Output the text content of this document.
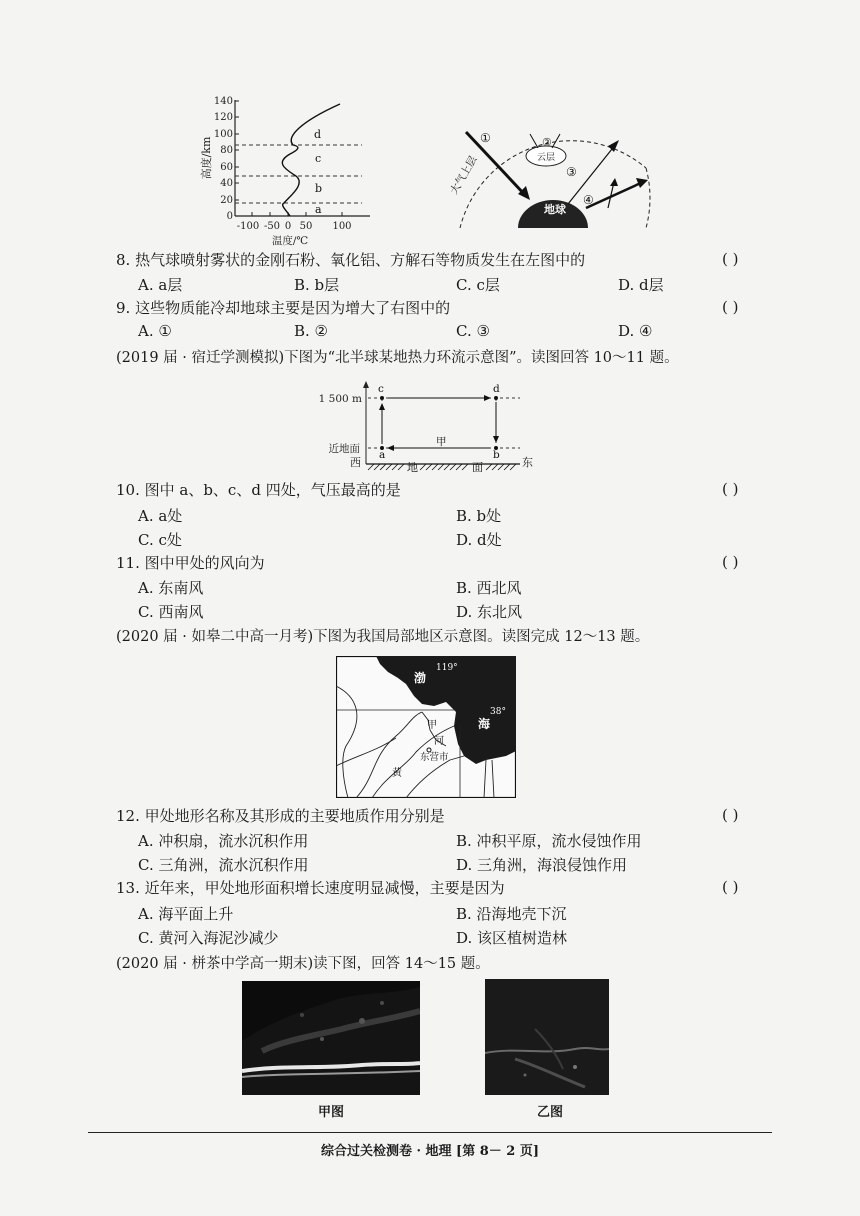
140
120
100
80
60
40
20
0
-100 -50 0 50 100
温度/℃
高度/km
a
b
c
d
大气上层
地球
云层
①	②
③
④
8. 热气球喷射雾状的金刚石粉、氧化铝、方解石等物质发生在左图中的	( )
A. a层	B. b层	C. c层	D. d层
9. 这些物质能冷却地球主要是因为增大了右图中的	( )
A. ①	B. ②	C. ③	D. ④
(2019 届 · 宿迁学测模拟)下图为“北半球某地热力环流示意图”。读图回答 10～11 题。
1 500 m
近地面
西	东
a	b
c	d
甲
地	面
10. 图中 a、b、c、d 四处，气压最高的是	( )
A. a处	B. b处
C. c处	D. d处
11. 图中甲处的风向为	( )
A. 东南风	B. 西北风
C. 西南风	D. 东北风
(2020 届 · 如皋二中高一月考)下图为我国局部地区示意图。读图完成 12～13 题。
渤
海
119°
38°
甲
河
东营市
黄
12. 甲处地形名称及其形成的主要地质作用分别是	( )
A. 冲积扇，流水沉积作用	B. 冲积平原，流水侵蚀作用
C. 三角洲，流水沉积作用	D. 三角洲，海浪侵蚀作用
13. 近年来，甲处地形面积增长速度明显减慢，主要是因为	( )
A. 海平面上升	B. 沿海地壳下沉
C. 黄河入海泥沙减少	D. 该区植树造林
(2020 届 · 栟茶中学高一期末)读下图，回答 14～15 题。
甲图	乙图
综合过关检测卷 · 地理 [第 8－ 2 页]
